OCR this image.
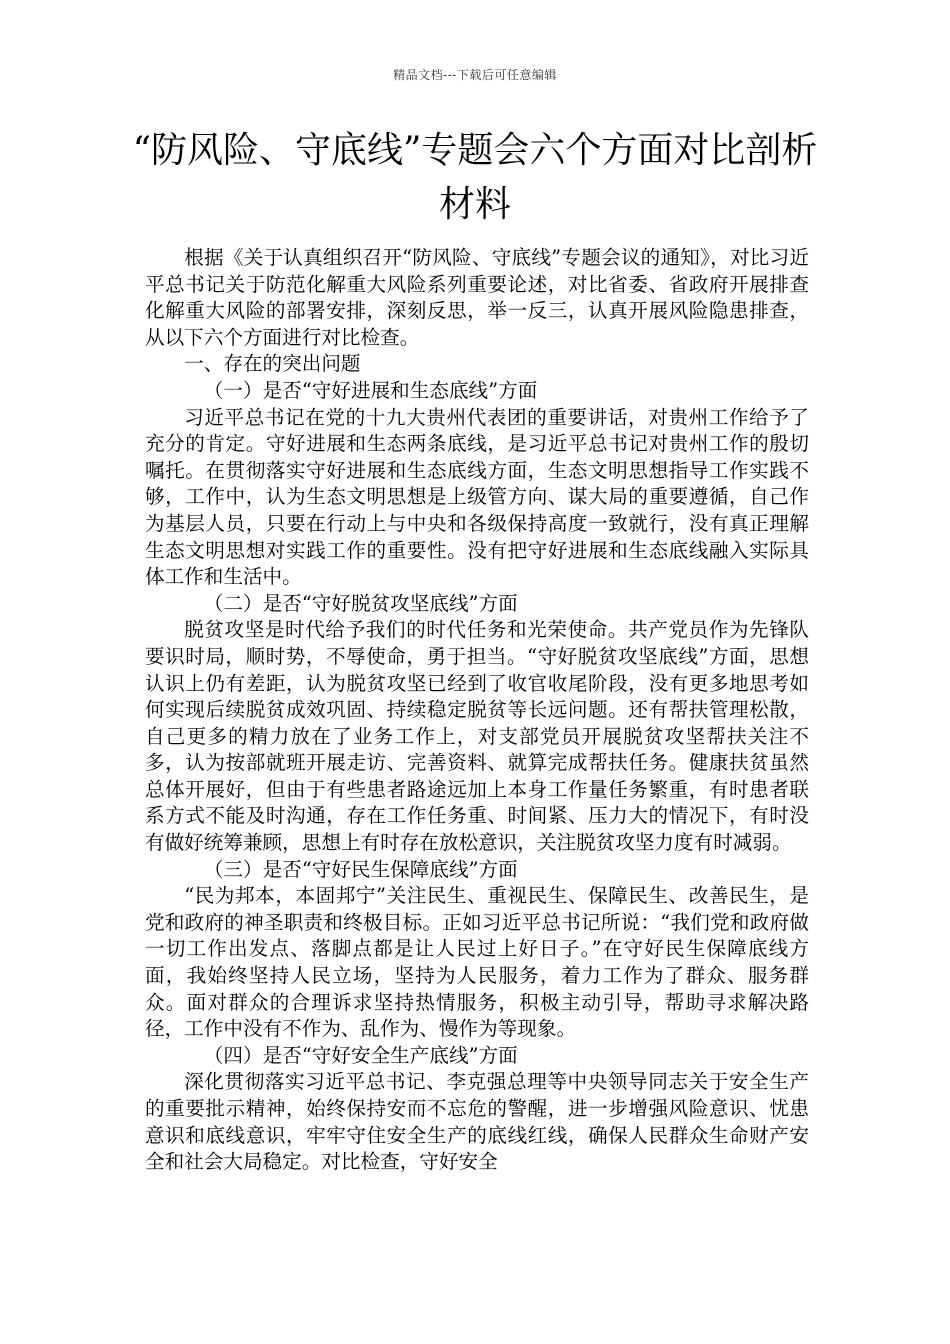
精品文档---下载后可任意编辑
“防风险、守底线”专题会六个方面对比剖析材料

根据《关于认真组织召开“防风险、守底线”专题会议的通知》，对比习近平总书记关于防范化解重大风险系列重要论述，对比省委、省政府开展排查化解重大风险的部署安排，深刻反思，举一反三，认真开展风险隐患排查，从以下六个方面进行对比检查。

一、存在的突出问题

（一）是否“守好进展和生态底线”方面

习近平总书记在党的十九大贵州代表团的重要讲话，对贵州工作给予了充分的肯定。守好进展和生态两条底线，是习近平总书记对贵州工作的殷切嘱托。在贯彻落实守好进展和生态底线方面，生态文明思想指导工作实践不够，工作中，认为生态文明思想是上级管方向、谋大局的重要遵循，自己作为基层人员，只要在行动上与中央和各级保持高度一致就行，没有真正理解生态文明思想对实践工作的重要性。没有把守好进展和生态底线融入实际具体工作和生活中。

（二）是否“守好脱贫攻坚底线”方面

脱贫攻坚是时代给予我们的时代任务和光荣使命。共产党员作为先锋队要识时局，顺时势，不辱使命，勇于担当。“守好脱贫攻坚底线”方面，思想认识上仍有差距，认为脱贫攻坚已经到了收官收尾阶段，没有更多地思考如何实现后续脱贫成效巩固、持续稳定脱贫等长远问题。还有帮扶管理松散，自己更多的精力放在了业务工作上，对支部党员开展脱贫攻坚帮扶关注不多，认为按部就班开展走访、完善资料、就算完成帮扶任务。健康扶贫虽然总体开展好，但由于有些患者路途远加上本身工作量任务繁重，有时患者联系方式不能及时沟通，存在工作任务重、时间紧、压力大的情况下，有时没有做好统筹兼顾，思想上有时存在放松意识，关注脱贫攻坚力度有时减弱。

（三）是否“守好民生保障底线”方面

“民为邦本，本固邦宁”关注民生、重视民生、保障民生、改善民生，是党和政府的神圣职责和终极目标。正如习近平总书记所说：“我们党和政府做一切工作出发点、落脚点都是让人民过上好日子。”在守好民生保障底线方面，我始终坚持人民立场，坚持为人民服务，着力工作为了群众、服务群众。面对群众的合理诉求坚持热情服务，积极主动引导，帮助寻求解决路径，工作中没有不作为、乱作为、慢作为等现象。

（四）是否“守好安全生产底线”方面

深化贯彻落实习近平总书记、李克强总理等中央领导同志关于安全生产的重要批示精神，始终保持安而不忘危的警醒，进一步增强风险意识、忧患意识和底线意识，牢牢守住安全生产的底线红线，确保人民群众生命财产安全和社会大局稳定。对比检查，守好安全
